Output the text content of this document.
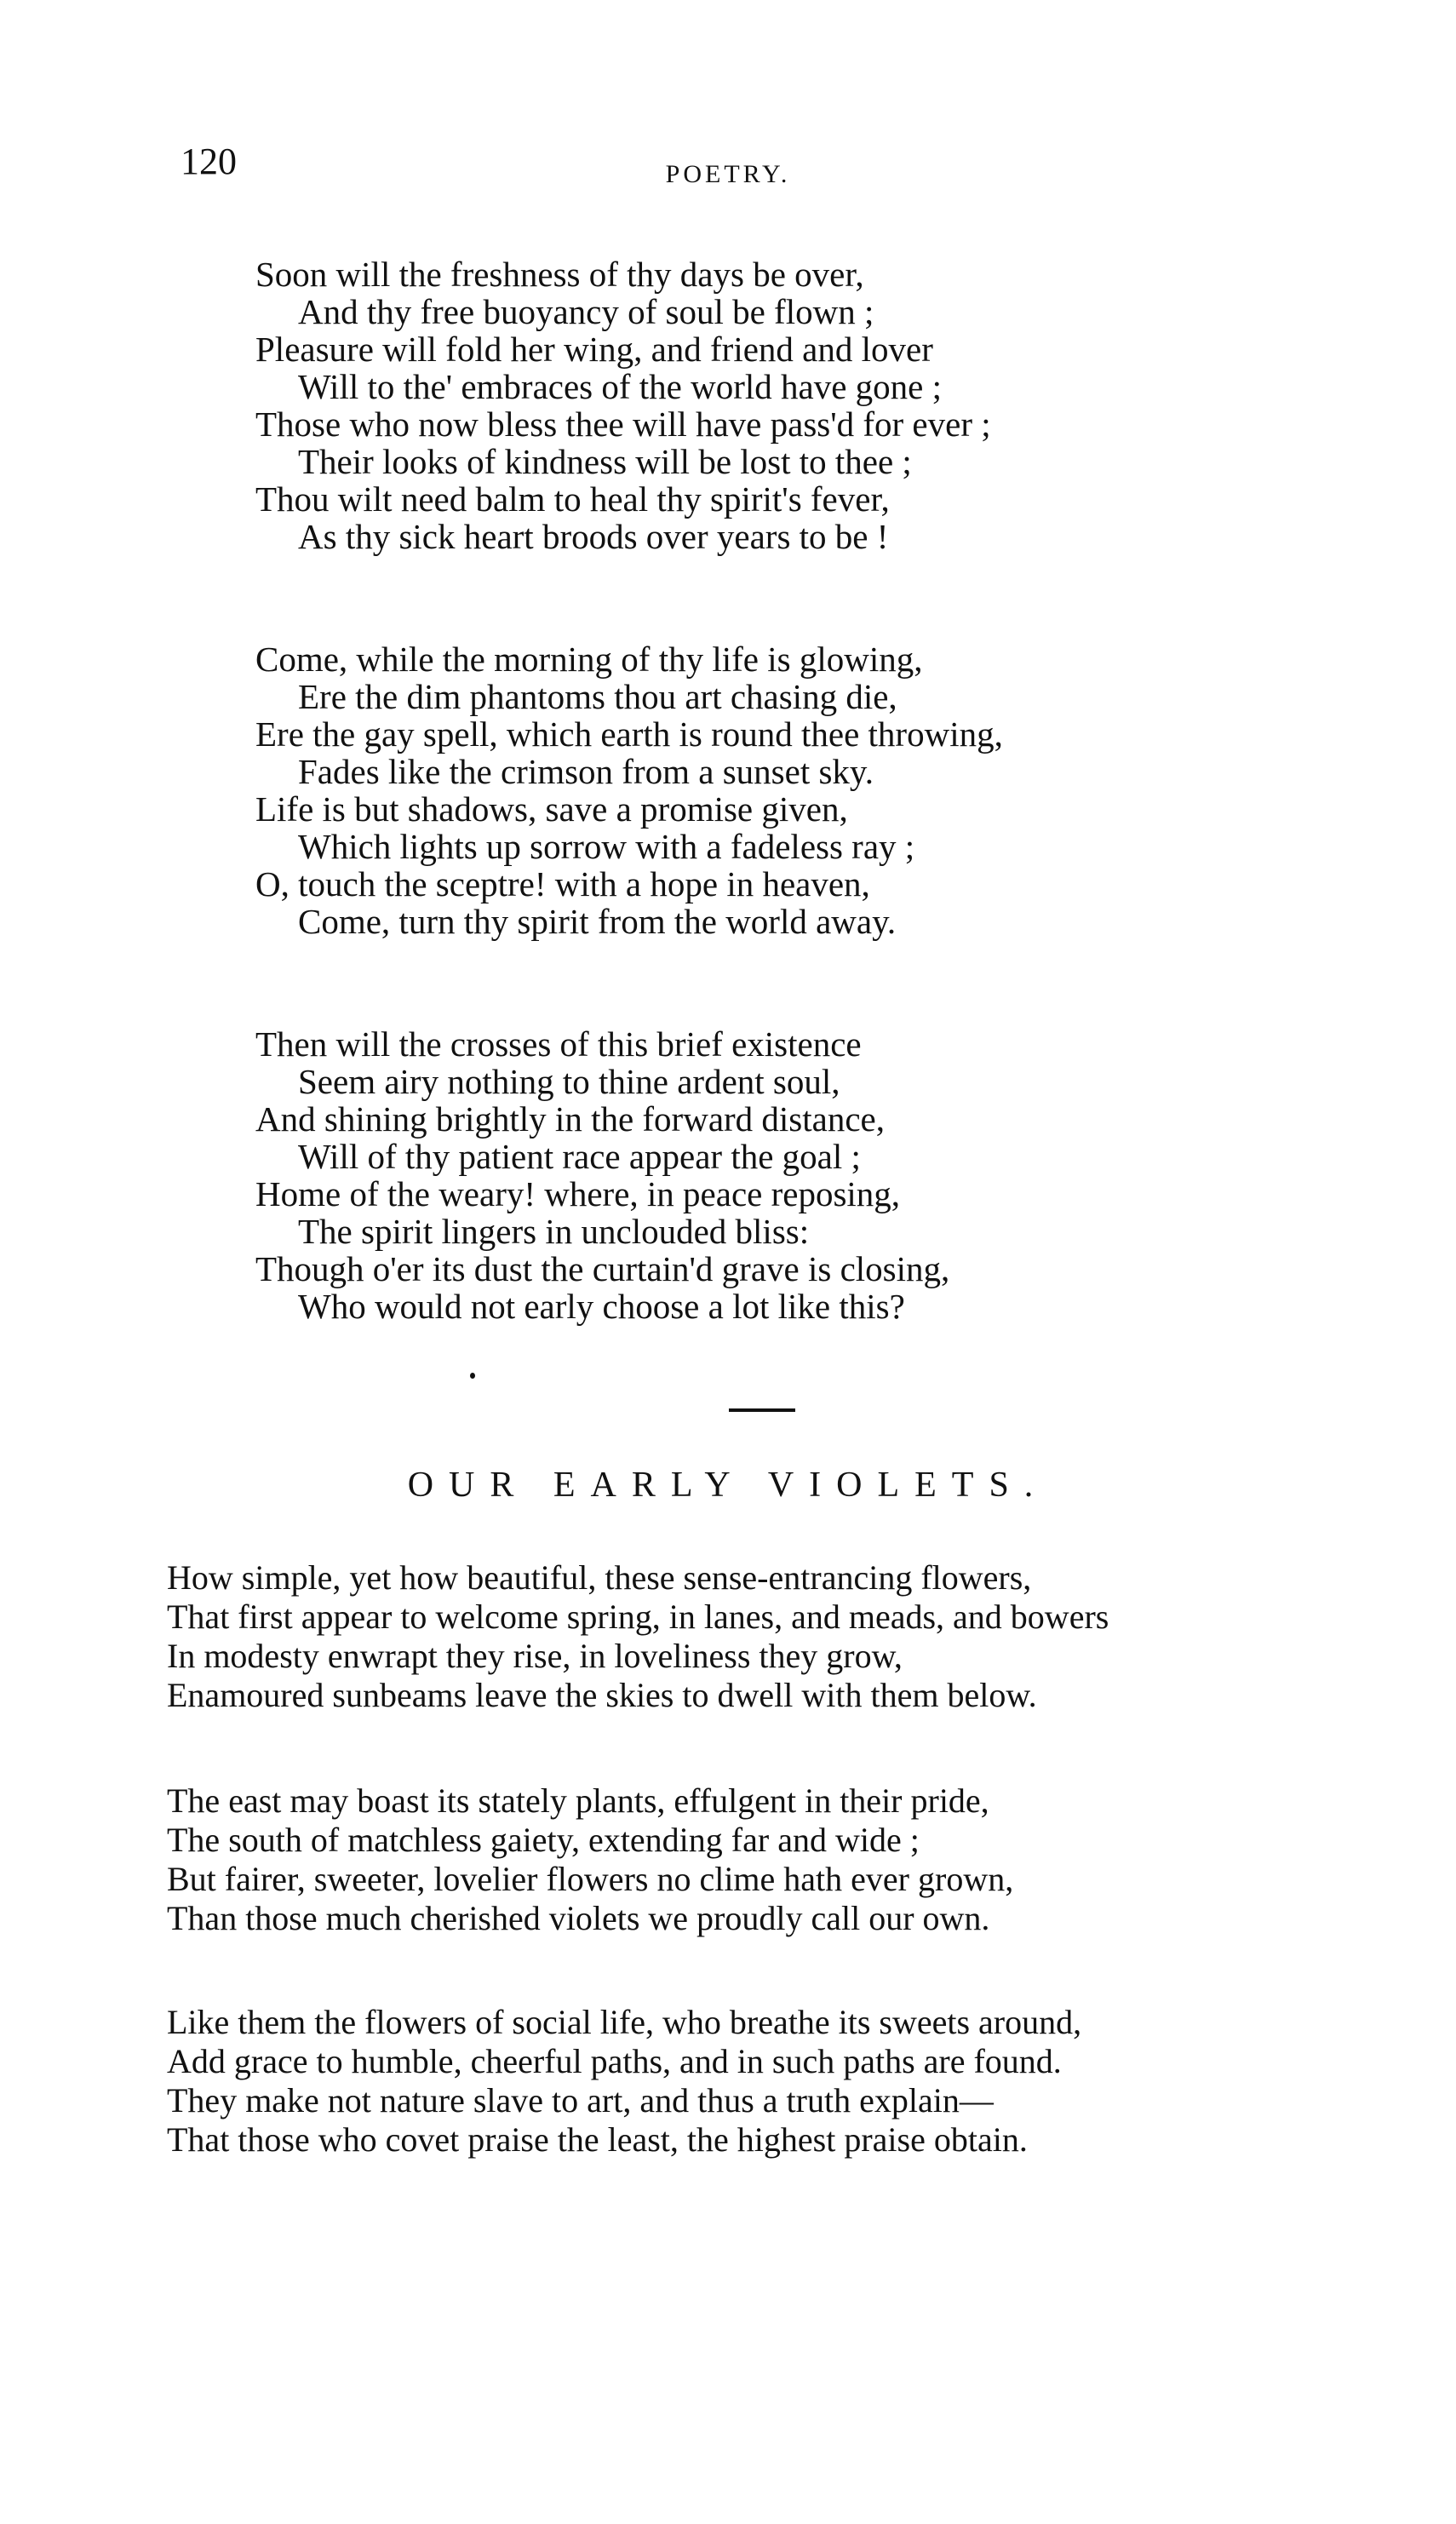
120	POETRY.
Soon will the freshness of thy days be over,
And thy free buoyancy of soul be flown ;
Pleasure will fold her wing, and friend and lover
Will to the' embraces of the world have gone ;
Those who now bless thee will have pass'd for ever ;
Their looks of kindness will be lost to thee ;
Thou wilt need balm to heal thy spirit's fever,
As thy sick heart broods over years to be !
Come, while the morning of thy life is glowing,
Ere the dim phantoms thou art chasing die,
Ere the gay spell, which earth is round thee throwing,
Fades like the crimson from a sunset sky.
Life is but shadows, save a promise given,
Which lights up sorrow with a fadeless ray ;
O, touch the sceptre! with a hope in heaven,
Come, turn thy spirit from the world away.
Then will the crosses of this brief existence
Seem airy nothing to thine ardent soul,
And shining brightly in the forward distance,
Will of thy patient race appear the goal ;
Home of the weary! where, in peace reposing,
The spirit lingers in unclouded bliss:
Though o'er its dust the curtain'd grave is closing,
Who would not early choose a lot like this?
OUR EARLY VIOLETS.
How simple, yet how beautiful, these sense-entrancing flowers,
That first appear to welcome spring, in lanes, and meads, and bowers
In modesty enwrapt they rise, in loveliness they grow,
Enamoured sunbeams leave the skies to dwell with them below.
The east may boast its stately plants, effulgent in their pride,
The south of matchless gaiety, extending far and wide ;
But fairer, sweeter, lovelier flowers no clime hath ever grown,
Than those much cherished violets we proudly call our own.
Like them the flowers of social life, who breathe its sweets around,
Add grace to humble, cheerful paths, and in such paths are found.
They make not nature slave to art, and thus a truth explain—
That those who covet praise the least, the highest praise obtain.
